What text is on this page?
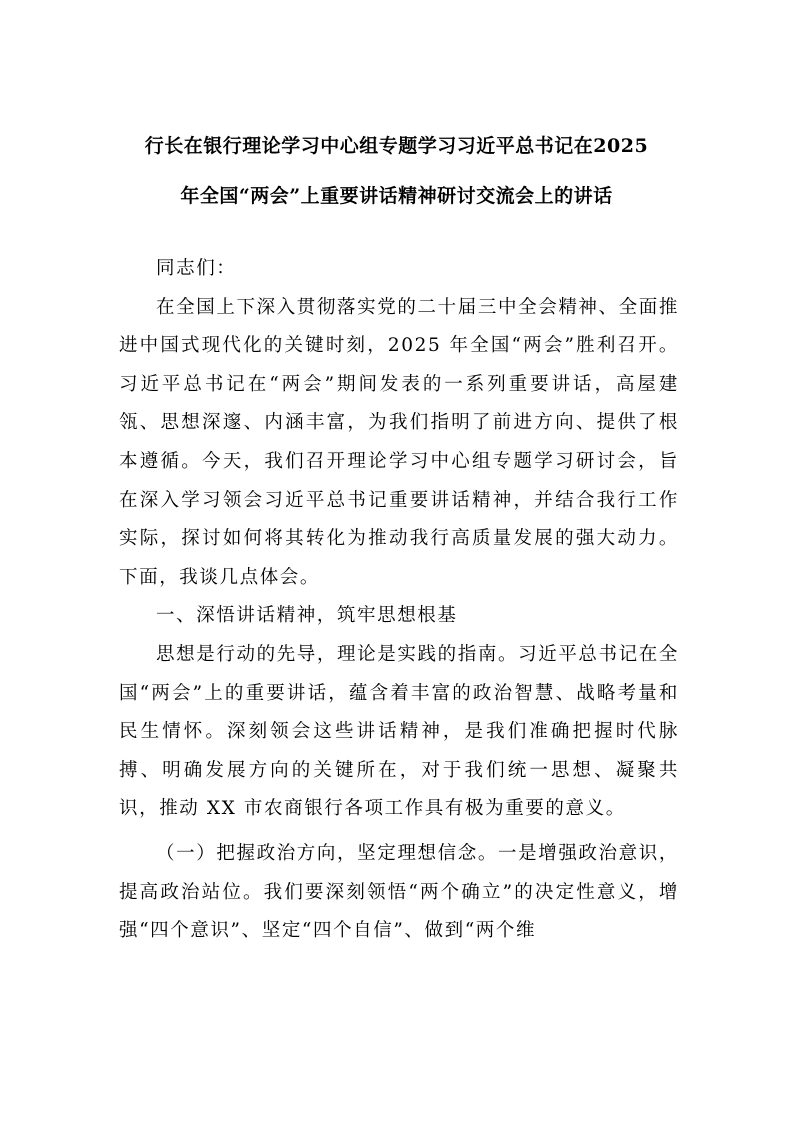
行长在银行理论学习中心组专题学习习近平总书记在2025
年全国“两会”上重要讲话精神研讨交流会上的讲话

同志们：

在全国上下深入贯彻落实党的二十届三中全会精神、全面推进中国式现代化的关键时刻，2025 年全国“两会”胜利召开。习近平总书记在“两会”期间发表的一系列重要讲话，高屋建瓴、思想深邃、内涵丰富，为我们指明了前进方向、提供了根本遵循。今天，我们召开理论学习中心组专题学习研讨会，旨在深入学习领会习近平总书记重要讲话精神，并结合我行工作实际，探讨如何将其转化为推动我行高质量发展的强大动力。下面，我谈几点体会。

一、深悟讲话精神，筑牢思想根基

思想是行动的先导，理论是实践的指南。习近平总书记在全国“两会”上的重要讲话，蕴含着丰富的政治智慧、战略考量和民生情怀。深刻领会这些讲话精神，是我们准确把握时代脉搏、明确发展方向的关键所在，对于我们统一思想、凝聚共识，推动 XX 市农商银行各项工作具有极为重要的意义。

（一）把握政治方向，坚定理想信念。一是增强政治意识，提高政治站位。我们要深刻领悟“两个确立”的决定性意义，增强“四个意识”、坚定“四个自信”、做到“两个维
